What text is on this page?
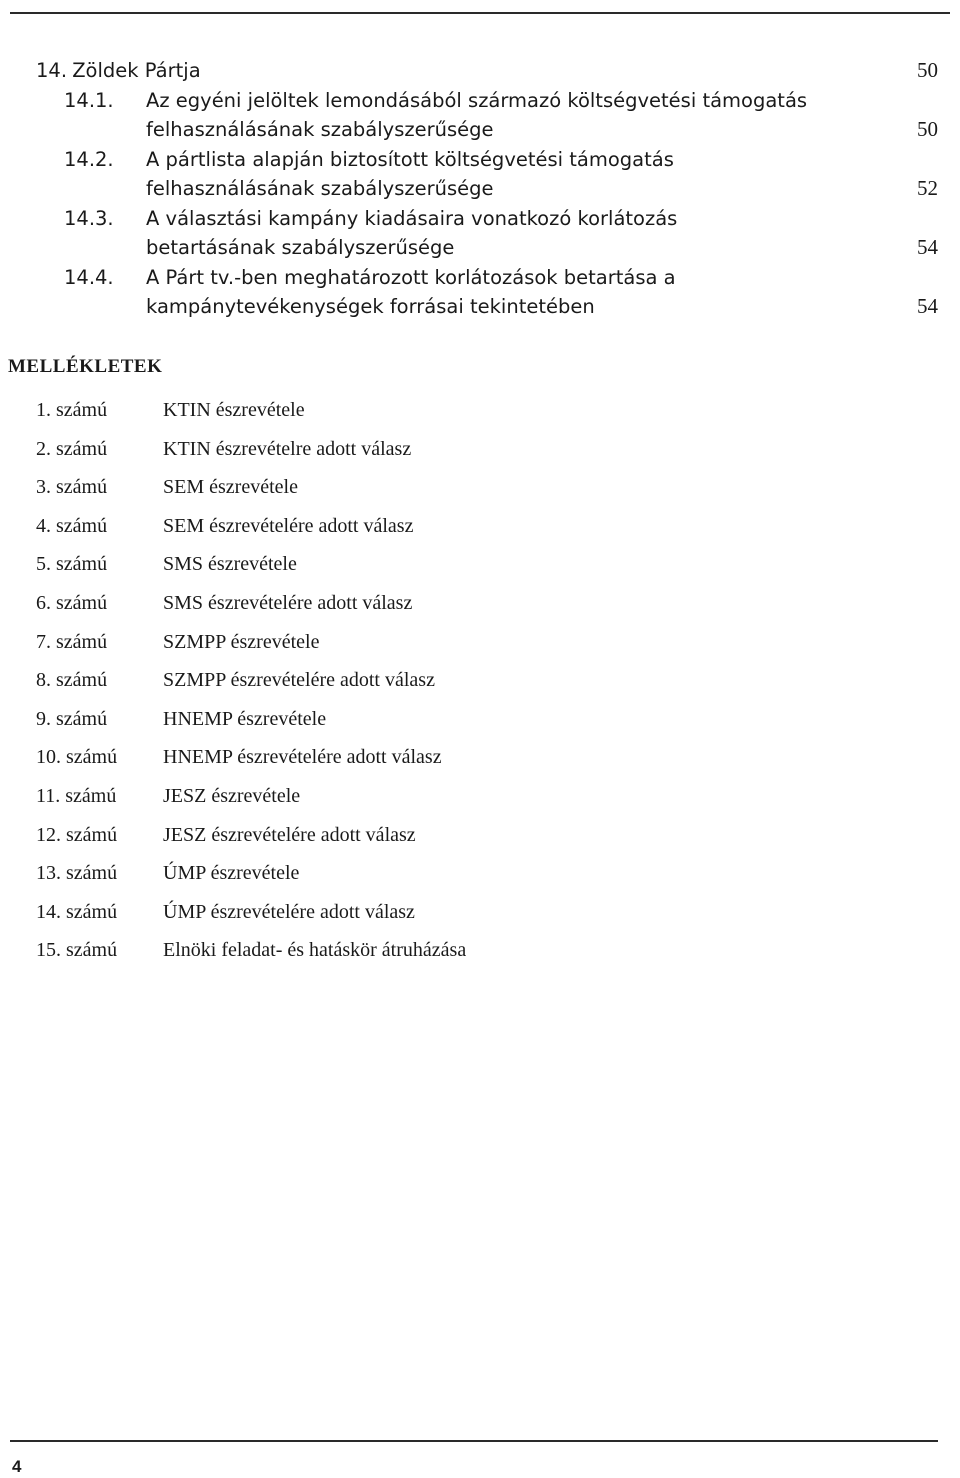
14. Zöldek Pártja	50
14.1. Az egyéni jelöltek lemondásából származó költségvetési támogatás
felhasználásának szabályszerűsége	50
14.2. A pártlista alapján biztosított költségvetési támogatás
felhasználásának szabályszerűsége	52
14.3. A választási kampány kiadásaira vonatkozó korlátozás
betartásának szabályszerűsége	54
14.4. A Párt tv.-ben meghatározott korlátozások betartása a
kampánytevékenységek forrásai tekintetében	54
MELLÉKLETEK
1. számú	KTIN észrevétele
2. számú	KTIN észrevételre adott válasz
3. számú	SEM észrevétele
4. számú	SEM észrevételére adott válasz
5. számú	SMS észrevétele
6. számú	SMS észrevételére adott válasz
7. számú	SZMPP észrevétele
8. számú	SZMPP észrevételére adott válasz
9. számú	HNEMP észrevétele
10. számú HNEMP észrevételére adott válasz
11. számú JESZ észrevétele
12. számú JESZ észrevételére adott válasz
13. számú ÚMP észrevétele
14. számú ÚMP észrevételére adott válasz
15. számú Elnöki feladat- és hatáskör átruházása
4
